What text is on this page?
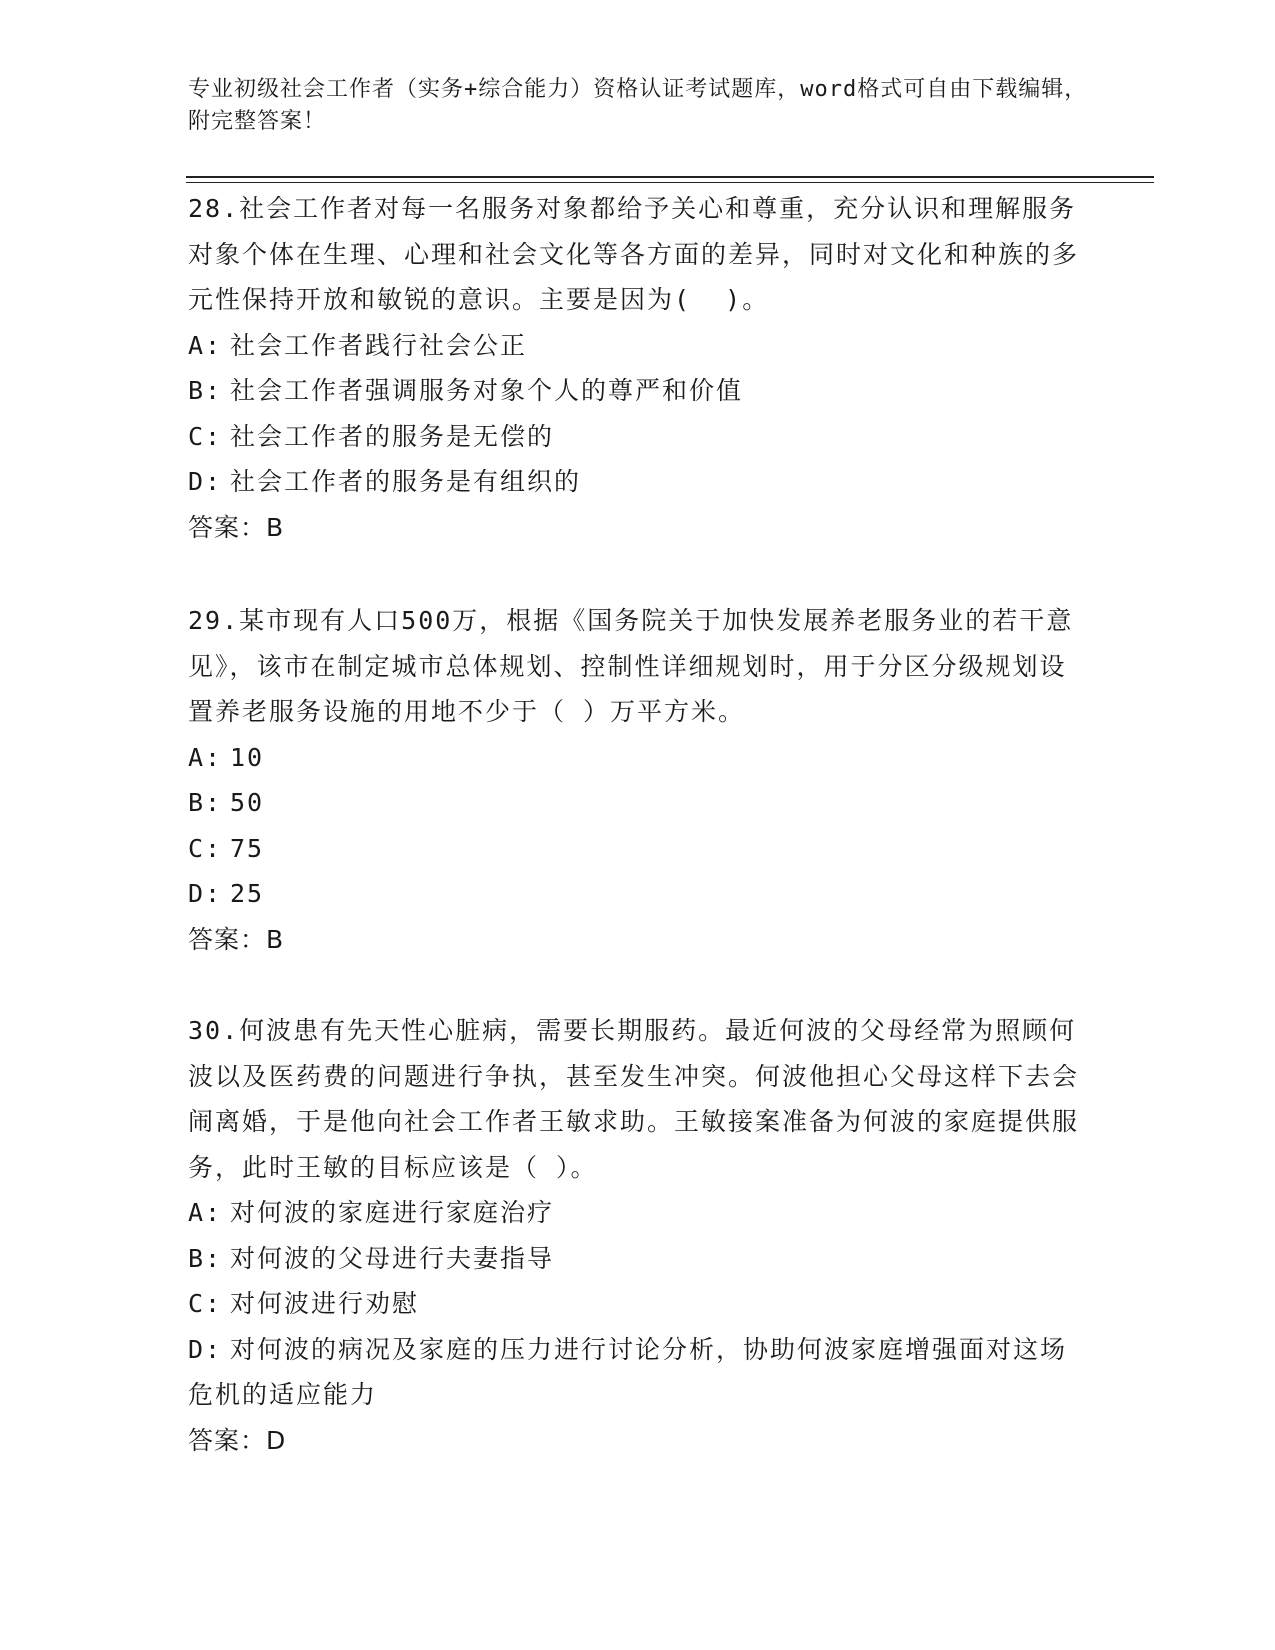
专业初级社会工作者（实务+综合能力）资格认证考试题库，word格式可自由下载编辑，附完整答案！

28.社会工作者对每一名服务对象都给予关心和尊重，充分认识和理解服务对象个体在生理、心理和社会文化等各方面的差异，同时对文化和种族的多元性保持开放和敏锐的意识。主要是因为(  )。

A: 社会工作者践行社会公正

B: 社会工作者强调服务对象个人的尊严和价值

C: 社会工作者的服务是无偿的

D: 社会工作者的服务是有组织的

答案：B

29.某市现有人口500万，根据《国务院关于加快发展养老服务业的若干意见》，该市在制定城市总体规划、控制性详细规划时，用于分区分级规划设置养老服务设施的用地不少于（ ）万平方米。

A: 10

B: 50

C: 75

D: 25

答案：B

30.何波患有先天性心脏病，需要长期服药。最近何波的父母经常为照顾何波以及医药费的问题进行争执，甚至发生冲突。何波他担心父母这样下去会闹离婚，于是他向社会工作者王敏求助。王敏接案准备为何波的家庭提供服务，此时王敏的目标应该是（ ）。

A: 对何波的家庭进行家庭治疗

B: 对何波的父母进行夫妻指导

C: 对何波进行劝慰

D: 对何波的病况及家庭的压力进行讨论分析，协助何波家庭增强面对这场危机的适应能力

答案：D
